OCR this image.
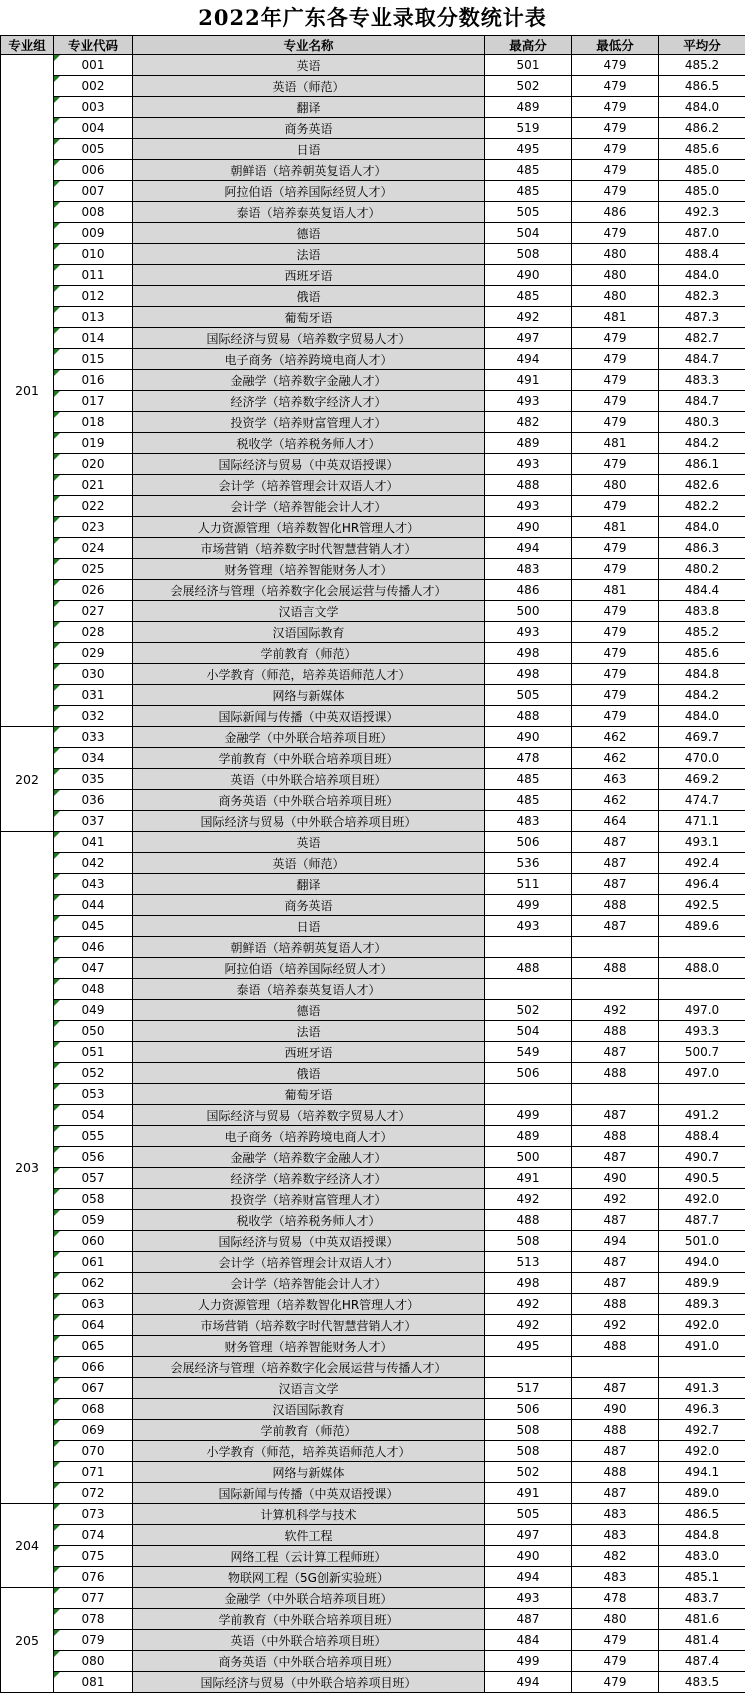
2022年广东各专业录取分数统计表
专业组	专业代码	专业名称	最高分	最低分	平均分
201	001	英语	501	479	485.2

002	英语（师范）	502	479	486.5

003	翻译	489	479	484.0

004	商务英语	519	479	486.2

005	日语	495	479	485.6

006	朝鲜语（培养朝英复语人才）	485	479	485.0

007	阿拉伯语（培养国际经贸人才）	485	479	485.0

008	泰语（培养泰英复语人才）	505	486	492.3

009	德语	504	479	487.0

010	法语	508	480	488.4

011	西班牙语	490	480	484.0

012	俄语	485	480	482.3

013	葡萄牙语	492	481	487.3

014	国际经济与贸易（培养数字贸易人才）	497	479	482.7

015	电子商务（培养跨境电商人才）	494	479	484.7

016	金融学（培养数字金融人才）	491	479	483.3

017	经济学（培养数字经济人才）	493	479	484.7

018	投资学（培养财富管理人才）	482	479	480.3

019	税收学（培养税务师人才）	489	481	484.2

020	国际经济与贸易（中英双语授课）	493	479	486.1

021	会计学（培养管理会计双语人才）	488	480	482.6

022	会计学（培养智能会计人才）	493	479	482.2

023	人力资源管理（培养数智化HR管理人才）	490	481	484.0

024	市场营销（培养数字时代智慧营销人才）	494	479	486.3

025	财务管理（培养智能财务人才）	483	479	480.2

026	会展经济与管理（培养数字化会展运营与传播人才）	486	481	484.4

027	汉语言文学	500	479	483.8

028	汉语国际教育	493	479	485.2

029	学前教育（师范）	498	479	485.6

030	小学教育（师范，培养英语师范人才）	498	479	484.8

031	网络与新媒体	505	479	484.2

032	国际新闻与传播（中英双语授课）	488	479	484.0
202	033	金融学（中外联合培养项目班）	490	462	469.7

034	学前教育（中外联合培养项目班）	478	462	470.0

035	英语（中外联合培养项目班）	485	463	469.2

036	商务英语（中外联合培养项目班）	485	462	474.7

037	国际经济与贸易（中外联合培养项目班）	483	464	471.1
203	041	英语	506	487	493.1

042	英语（师范）	536	487	492.4

043	翻译	511	487	496.4

044	商务英语	499	488	492.5

045	日语	493	487	489.6

046	朝鲜语（培养朝英复语人才）			

047	阿拉伯语（培养国际经贸人才）	488	488	488.0

048	泰语（培养泰英复语人才）			

049	德语	502	492	497.0

050	法语	504	488	493.3

051	西班牙语	549	487	500.7

052	俄语	506	488	497.0

053	葡萄牙语			

054	国际经济与贸易（培养数字贸易人才）	499	487	491.2

055	电子商务（培养跨境电商人才）	489	488	488.4

056	金融学（培养数字金融人才）	500	487	490.7

057	经济学（培养数字经济人才）	491	490	490.5

058	投资学（培养财富管理人才）	492	492	492.0

059	税收学（培养税务师人才）	488	487	487.7

060	国际经济与贸易（中英双语授课）	508	494	501.0

061	会计学（培养管理会计双语人才）	513	487	494.0

062	会计学（培养智能会计人才）	498	487	489.9

063	人力资源管理（培养数智化HR管理人才）	492	488	489.3

064	市场营销（培养数字时代智慧营销人才）	492	492	492.0

065	财务管理（培养智能财务人才）	495	488	491.0

066	会展经济与管理（培养数字化会展运营与传播人才）			

067	汉语言文学	517	487	491.3

068	汉语国际教育	506	490	496.3

069	学前教育（师范）	508	488	492.7

070	小学教育（师范，培养英语师范人才）	508	487	492.0

071	网络与新媒体	502	488	494.1

072	国际新闻与传播（中英双语授课）	491	487	489.0
204	073	计算机科学与技术	505	483	486.5

074	软件工程	497	483	484.8

075	网络工程（云计算工程师班）	490	482	483.0

076	物联网工程（5G创新实验班）	494	483	485.1
205	077	金融学（中外联合培养项目班）	493	478	483.7

078	学前教育（中外联合培养项目班）	487	480	481.6

079	英语（中外联合培养项目班）	484	479	481.4

080	商务英语（中外联合培养项目班）	499	479	487.4

081	国际经济与贸易（中外联合培养项目班）	494	479	483.5
